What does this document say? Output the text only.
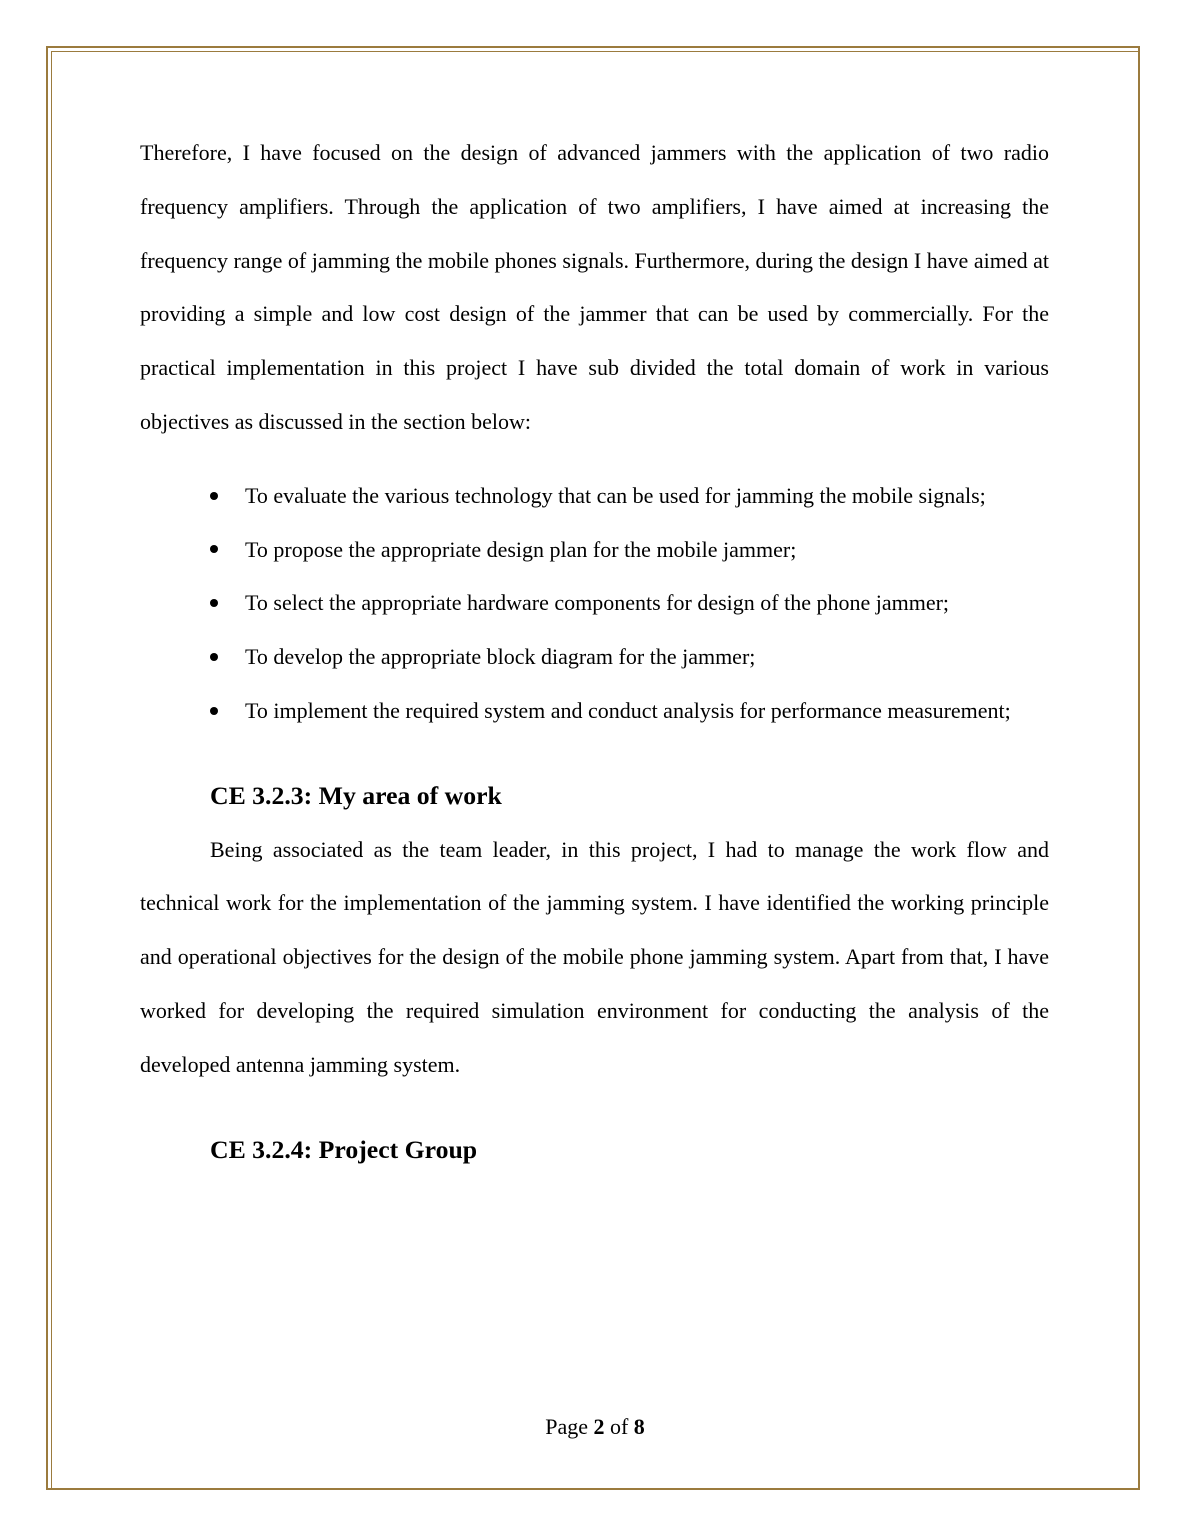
Therefore, I have focused on the design of advanced jammers with the application of two radio frequency amplifiers. Through the application of two amplifiers, I have aimed at increasing the frequency range of jamming the mobile phones signals. Furthermore, during the design I have aimed at providing a simple and low cost design of the jammer that can be used by commercially. For the practical implementation in this project I have sub divided the total domain of work in various objectives as discussed in the section below:

To evaluate the various technology that can be used for jamming the mobile signals;
To propose the appropriate design plan for the mobile jammer;
To select the appropriate hardware components for design of the phone jammer;
To develop the appropriate block diagram for the jammer;
To implement the required system and conduct analysis for performance measurement;
CE 3.2.3: My area of work

Being associated as the team leader, in this project, I had to manage the work flow and technical work for the implementation of the jamming system. I have identified the working principle and operational objectives for the design of the mobile phone jamming system. Apart from that, I have worked for developing the required simulation environment for conducting the analysis of the developed antenna jamming system.

CE 3.2.4: Project Group
Page 2 of 8
